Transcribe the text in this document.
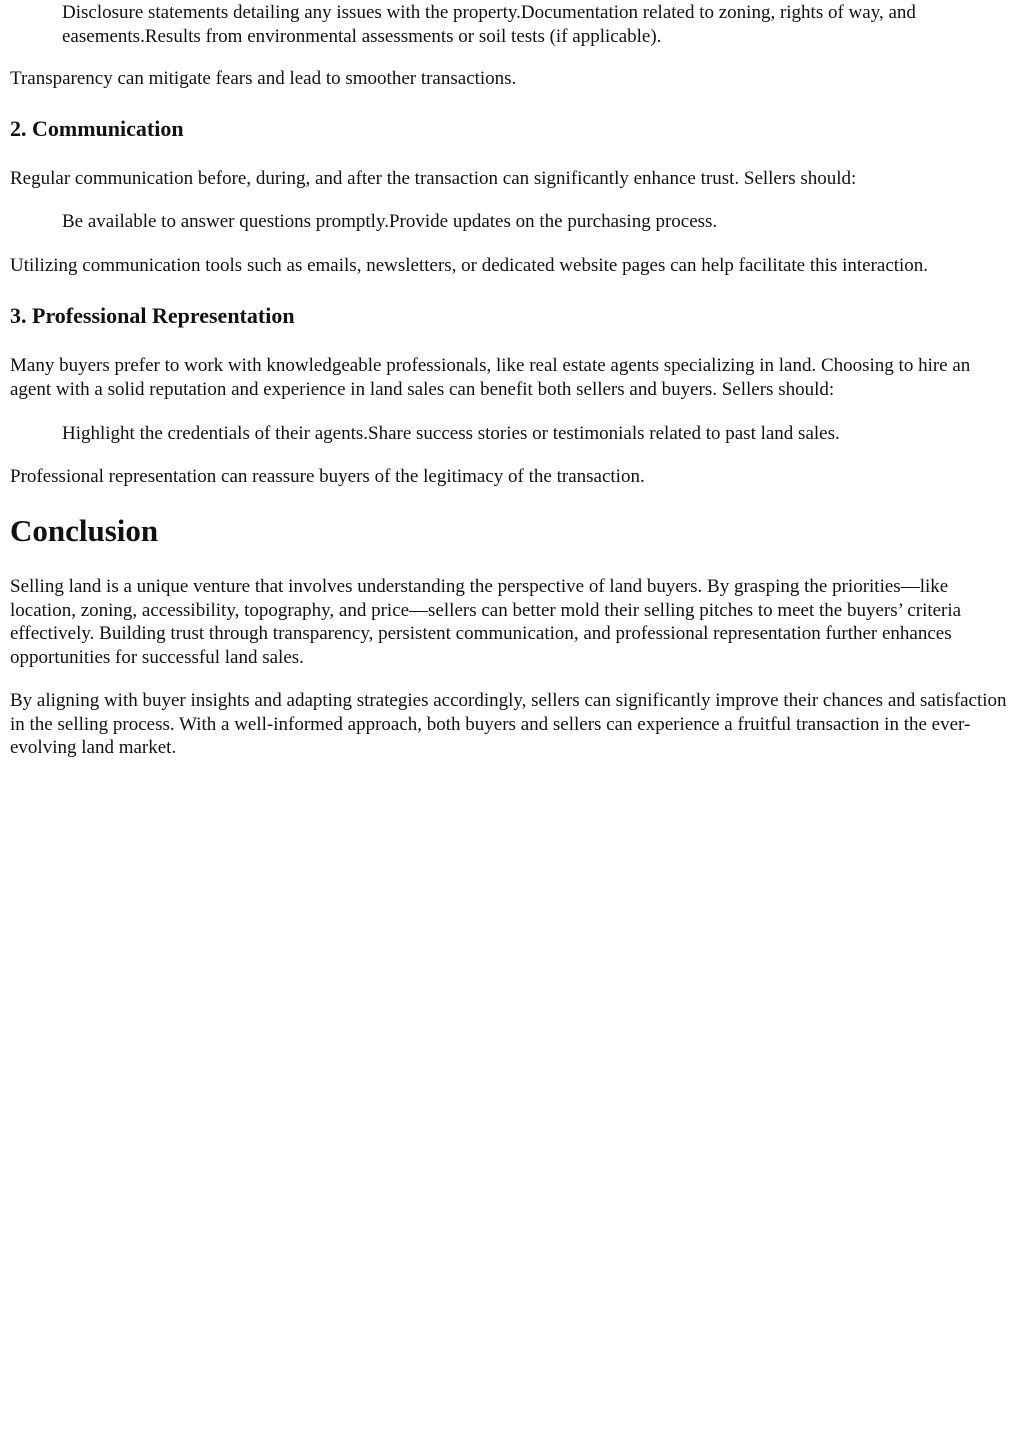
Disclosure statements detailing any issues with the property.Documentation related to zoning, rights of way, and easements.Results from environmental assessments or soil tests (if applicable).

Transparency can mitigate fears and lead to smoother transactions.

2. Communication

Regular communication before, during, and after the transaction can significantly enhance trust. Sellers should:

Be available to answer questions promptly.Provide updates on the purchasing process.

Utilizing communication tools such as emails, newsletters, or dedicated website pages can help facilitate this interaction.

3. Professional Representation

Many buyers prefer to work with knowledgeable professionals, like real estate agents specializing in land. Choosing to hire an agent with a solid reputation and experience in land sales can benefit both sellers and buyers. Sellers should:

Highlight the credentials of their agents.Share success stories or testimonials related to past land sales.

Professional representation can reassure buyers of the legitimacy of the transaction.

Conclusion

Selling land is a unique venture that involves understanding the perspective of land buyers. By grasping the priorities—like location, zoning, accessibility, topography, and price—sellers can better mold their selling pitches to meet the buyers’ criteria effectively. Building trust through transparency, persistent communication, and professional representation further enhances opportunities for successful land sales.

By aligning with buyer insights and adapting strategies accordingly, sellers can significantly improve their chances and satisfaction in the selling process. With a well-informed approach, both buyers and sellers can experience a fruitful transaction in the ever-evolving land market.
